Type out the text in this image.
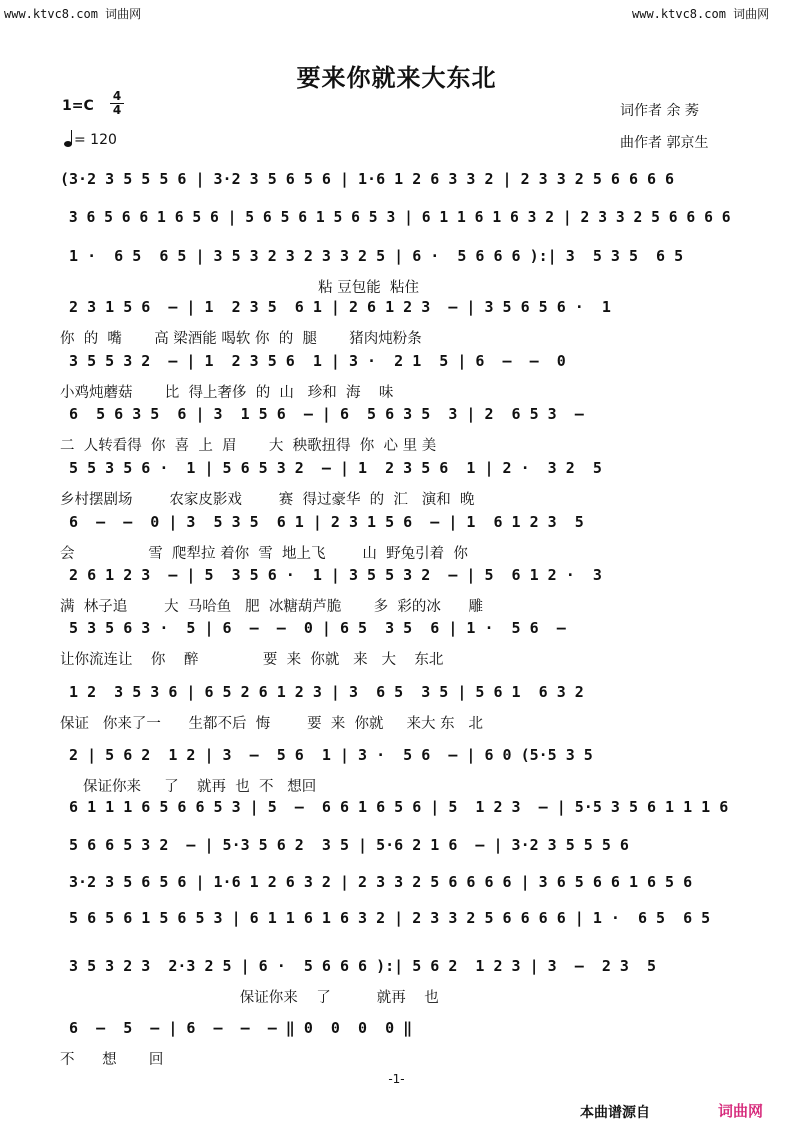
www.ktvc8.com 词曲网	www.ktvc8.com 词曲网
要来你就来大东北
1=C
4
4
= 120
词作者 余 莠
曲作者 郭京生
(3·2 3 5 5 5 6 | 3·2 3 5 6 5 6 | 1·6 1 2 6 3 3 2 | 2 3 3 2 5 6 6 6 6
3 6 5 6 6 1 6 5 6 | 5 6 5 6 1 5 6 5 3 | 6 1 1 6 1 6 3 2 | 2 3 3 2 5 6 6 6 6
1 ·  6 5  6 5 | 3 5 3 2 3 2 3 3 2 5 | 6 ·  5 6 6 6 ):| 3  5 3 5  6 5
粘 豆包能  粘住
2 3 1 5 6  — | 1  2 3 5  6 1 | 2 6 1 2 3  — | 3 5 6 5 6 ·  1
你  的  嘴       高 梁酒能 喝软 你  的  腿       猪肉炖粉条
3 5 5 3 2  — | 1  2 3 5 6  1 | 3 ·  2 1  5 | 6  —  —  0
小鸡炖蘑菇       比  得上奢侈  的  山   珍和  海    味
6  5 6 3 5  6 | 3  1 5 6  — | 6  5 6 3 5  3 | 2  6 5 3  —
二  人转看得  你  喜  上  眉       大  秧歌扭得  你  心 里 美
5 5 3 5 6 ·  1 | 5 6 5 3 2  — | 1  2 3 5 6  1 | 2 ·  3 2  5
乡村摆剧场        农家皮影戏        赛  得过豪华  的  汇   演和  晚
6  —  —  0 | 3  5 3 5  6 1 | 2 3 1 5 6  — | 1  6 1 2 3  5
会                雪  爬犁拉 着你  雪  地上飞        山  野兔引着  你
2 6 1 2 3  — | 5  3 5 6 ·  1 | 3 5 5 3 2  — | 5  6 1 2 ·  3
满  林子追        大  马哈鱼   肥  冰糖葫芦脆       多  彩的冰      雕
5 3 5 6 3 ·  5 | 6  —  —  0 | 6 5  3 5  6 | 1 ·  5 6  —
让你流连让    你    醉              要  来  你就   来   大    东北
1 2  3 5 3 6 | 6 5 2 6 1 2 3 | 3  6 5  3 5 | 5 6 1  6 3 2
保证   你来了一      生都不后  悔        要  来  你就     来大 东   北
2 | 5 6 2  1 2 | 3  —  5 6  1 | 3 ·  5 6  — | 6 0 (5·5 3 5
保证你来     了    就再  也  不   想回
6 1 1 1 6 5 6 6 5 3 | 5  —  6 6 1 6 5 6 | 5  1 2 3  — | 5·5 3 5 6 1 1 1 6
5 6 6 5 3 2  — | 5·3 5 6 2  3 5 | 5·6 2 1 6  — | 3·2 3 5 5 5 6
3·2 3 5 6 5 6 | 1·6 1 2 6 3 2 | 2 3 3 2 5 6 6 6 6 | 3 6 5 6 6 1 6 5 6
5 6 5 6 1 5 6 5 3 | 6 1 1 6 1 6 3 2 | 2 3 3 2 5 6 6 6 6 | 1 ·  6 5  6 5
3 5 3 2 3  2·3 2 5 | 6 ·  5 6 6 6 ):| 5 6 2  1 2 3 | 3  —  2 3  5
保证你来    了          就再    也
6  —  5  — | 6  —  —  — ‖ 0  0  0  0 ‖
不      想       回
-1-
本曲谱源自	词曲网
